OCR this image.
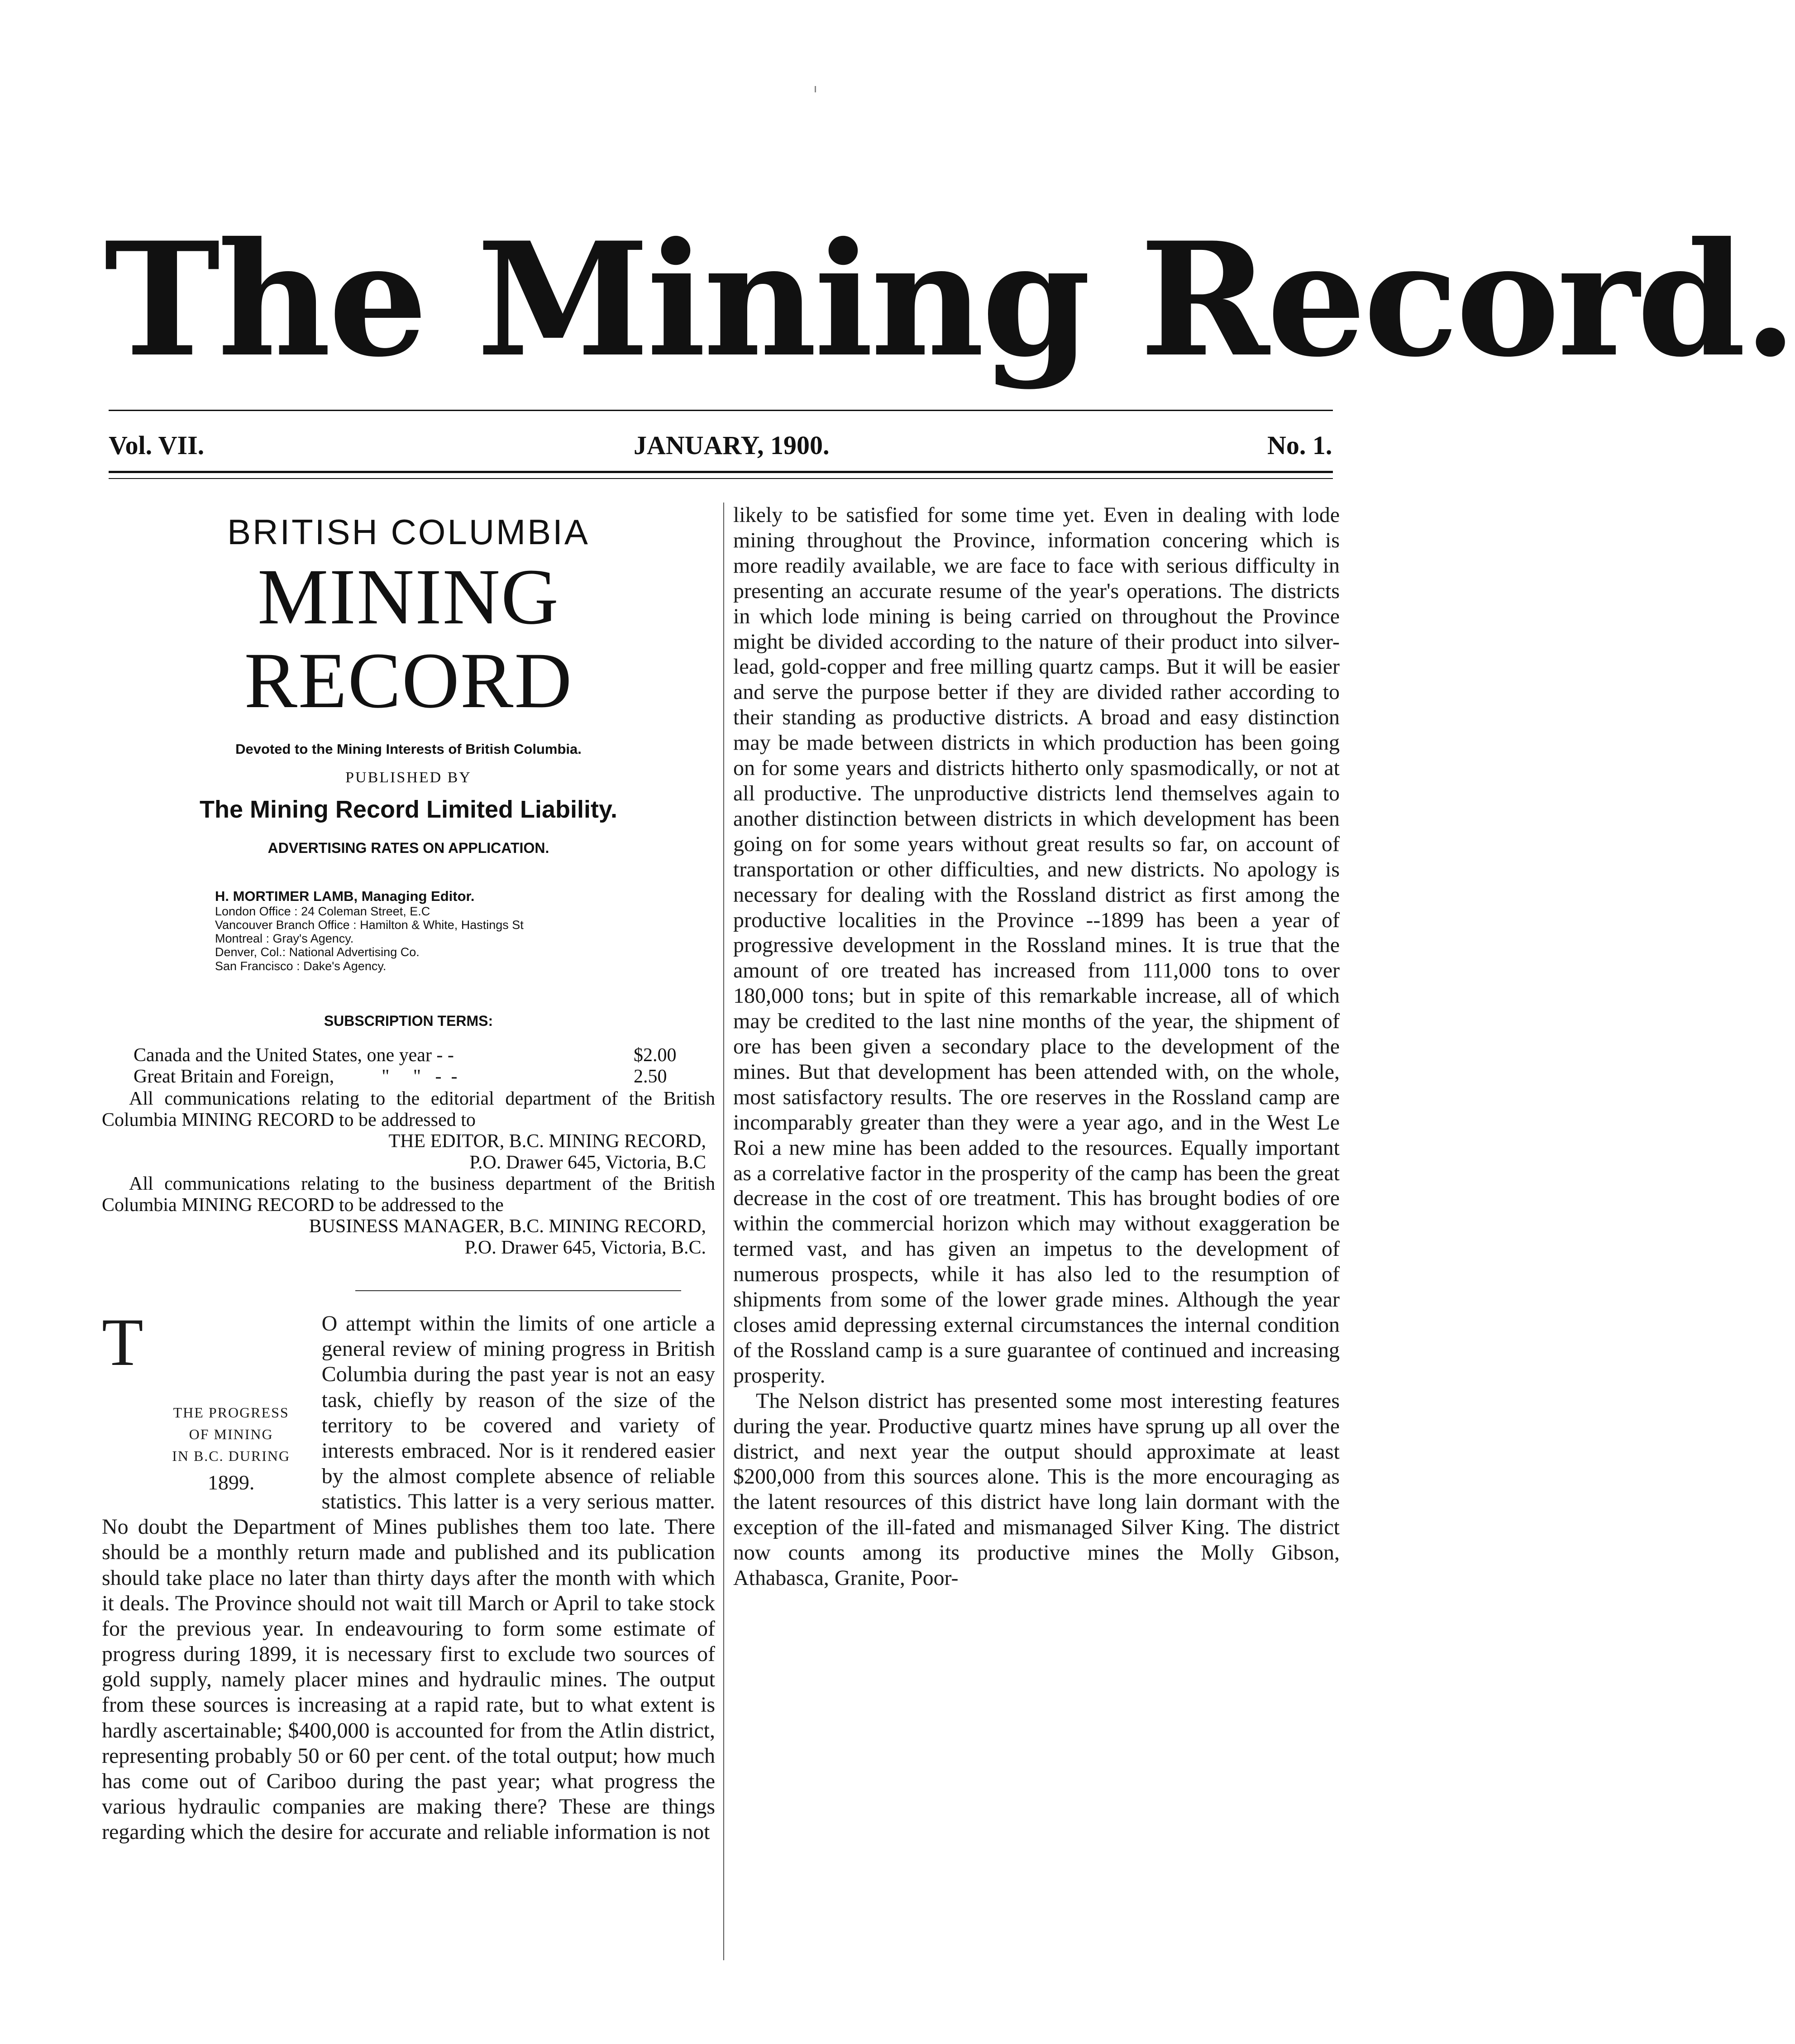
The Mining Record.
Vol. VII.	JANUARY, 1900.	No. 1.
BRITISH COLUMBIA
MINING RECORD
Devoted to the Mining Interests of British Columbia.
PUBLISHED BY
The Mining Record Limited Liability.
ADVERTISING RATES ON APPLICATION.
H. MORTIMER LAMB, Managing Editor.
London Office : 24 Coleman Street, E.C
Vancouver Branch Office : Hamilton & White, Hastings St
Montreal : Gray's Agency.
Denver, Col.: National Advertising Co.
San Francisco : Dake's Agency.
SUBSCRIPTION TERMS:
Canada and the United States, one year - -	$2.00
Great Britain and Foreign,          "     "   -  -	2.50
All communications relating to the editorial department of the British Columbia MINING RECORD to be addressed to
THE EDITOR, B.C. MINING RECORD,
P.O. Drawer 645, Victoria, B.C
All communications relating to the business department of the British Columbia MINING RECORD to be addressed to the
BUSINESS MANAGER, B.C. MINING RECORD,
P.O. Drawer 645, Victoria, B.C.
T
THE PROGRESS
OF MINING
IN B.C. DURING
1899.

O attempt within the limits of one article a general review of mining progress in British Columbia during the past year is not an easy task, chiefly by reason of the size of the territory to be covered and variety of interests embraced. Nor is it rendered easier by the almost complete absence of reliable statistics. This latter is a very serious matter. No doubt the Department of Mines publishes them too late. There should be a monthly return made and published and its publication should take place no later than thirty days after the month with which it deals. The Province should not wait till March or April to take stock for the previous year. In endeavouring to form some estimate of progress during 1899, it is necessary first to exclude two sources of gold supply, namely placer mines and hydraulic mines. The output from these sources is increasing at a rapid rate, but to what extent is hardly ascertainable; $400,000 is accounted for from the Atlin district, representing probably 50 or 60 per cent. of the total output; how much has come out of Cariboo during the past year; what progress the various hydraulic companies are making there? These are things regarding which the desire for accurate and reliable information is not

likely to be satisfied for some time yet. Even in dealing with lode mining throughout the Province, information concering which is more readily available, we are face to face with serious difficulty in presenting an accurate resume of the year's operations. The districts in which lode mining is being carried on throughout the Province might be divided according to the nature of their product into silver-lead, gold-copper and free milling quartz camps. But it will be easier and serve the purpose better if they are divided rather according to their standing as productive districts. A broad and easy distinction may be made between districts in which production has been going on for some years and districts hitherto only spasmodically, or not at all productive. The unproductive districts lend themselves again to another distinction between districts in which development has been going on for some years without great results so far, on account of transportation or other difficulties, and new districts. No apology is necessary for dealing with the Rossland district as first among the productive localities in the Province --1899 has been a year of progressive development in the Rossland mines. It is true that the amount of ore treated has increased from 111,000 tons to over 180,000 tons; but in spite of this remarkable increase, all of which may be credited to the last nine months of the year, the shipment of ore has been given a secondary place to the development of the mines. But that development has been attended with, on the whole, most satisfactory results. The ore reserves in the Rossland camp are incomparably greater than they were a year ago, and in the West Le Roi a new mine has been added to the resources. Equally important as a correlative factor in the prosperity of the camp has been the great decrease in the cost of ore treatment. This has brought bodies of ore within the commercial horizon which may without exaggeration be termed vast, and has given an impetus to the development of numerous prospects, while it has also led to the resumption of shipments from some of the lower grade mines. Although the year closes amid depressing external circumstances the internal condition of the Rossland camp is a sure guarantee of continued and increasing prosperity.

The Nelson district has presented some most interesting features during the year. Productive quartz mines have sprung up all over the district, and next year the output should approximate at least $200,000 from this sources alone. This is the more encouraging as the latent resources of this district have long lain dormant with the exception of the ill-fated and mismanaged Silver King. The district now counts among its productive mines the Molly Gibson, Athabasca, Granite, Poor-
